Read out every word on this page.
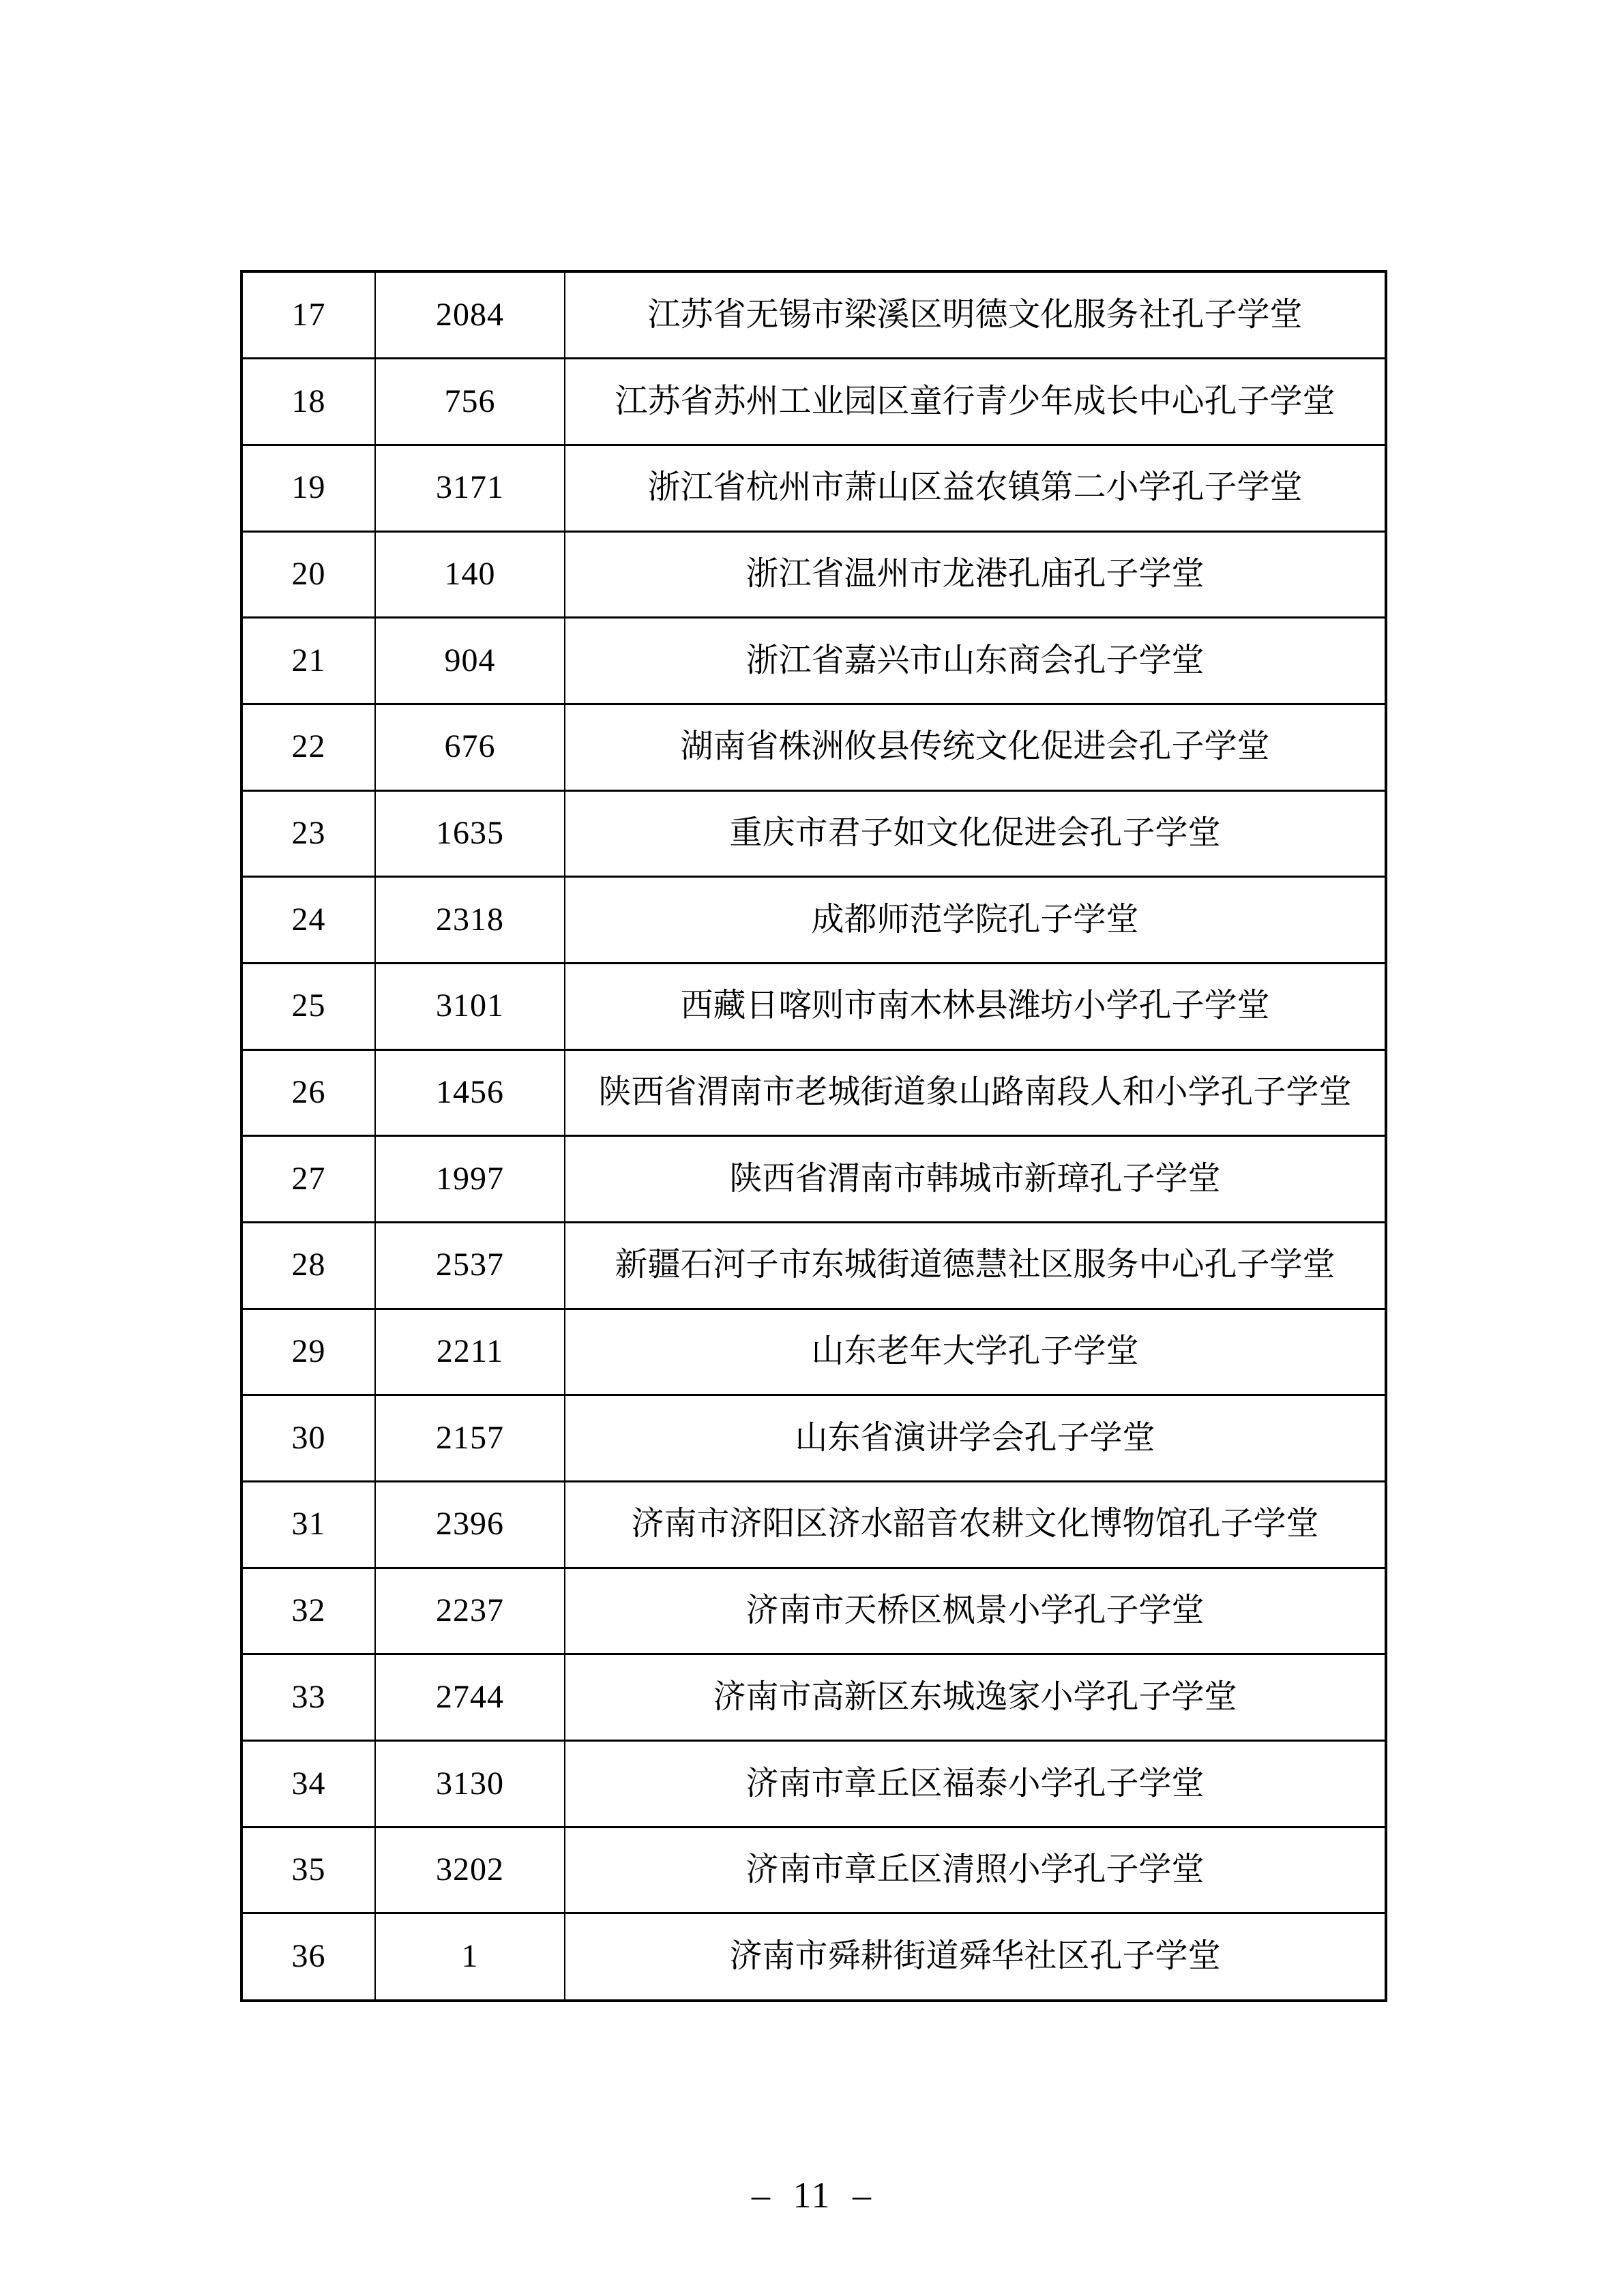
17	2084	江苏省无锡市梁溪区明德文化服务社孔子学堂
18	756	江苏省苏州工业园区童行青少年成长中心孔子学堂
19	3171	浙江省杭州市萧山区益农镇第二小学孔子学堂
20	140	浙江省温州市龙港孔庙孔子学堂
21	904	浙江省嘉兴市山东商会孔子学堂
22	676	湖南省株洲攸县传统文化促进会孔子学堂
23	1635	重庆市君子如文化促进会孔子学堂
24	2318	成都师范学院孔子学堂
25	3101	西藏日喀则市南木林县潍坊小学孔子学堂
26	1456	陕西省渭南市老城街道象山路南段人和小学孔子学堂
27	1997	陕西省渭南市韩城市新璋孔子学堂
28	2537	新疆石河子市东城街道德慧社区服务中心孔子学堂
29	2211	山东老年大学孔子学堂
30	2157	山东省演讲学会孔子学堂
31	2396	济南市济阳区济水韶音农耕文化博物馆孔子学堂
32	2237	济南市天桥区枫景小学孔子学堂
33	2744	济南市高新区东城逸家小学孔子学堂
34	3130	济南市章丘区福泰小学孔子学堂
35	3202	济南市章丘区清照小学孔子学堂
36	1	济南市舜耕街道舜华社区孔子学堂
– 11 –
